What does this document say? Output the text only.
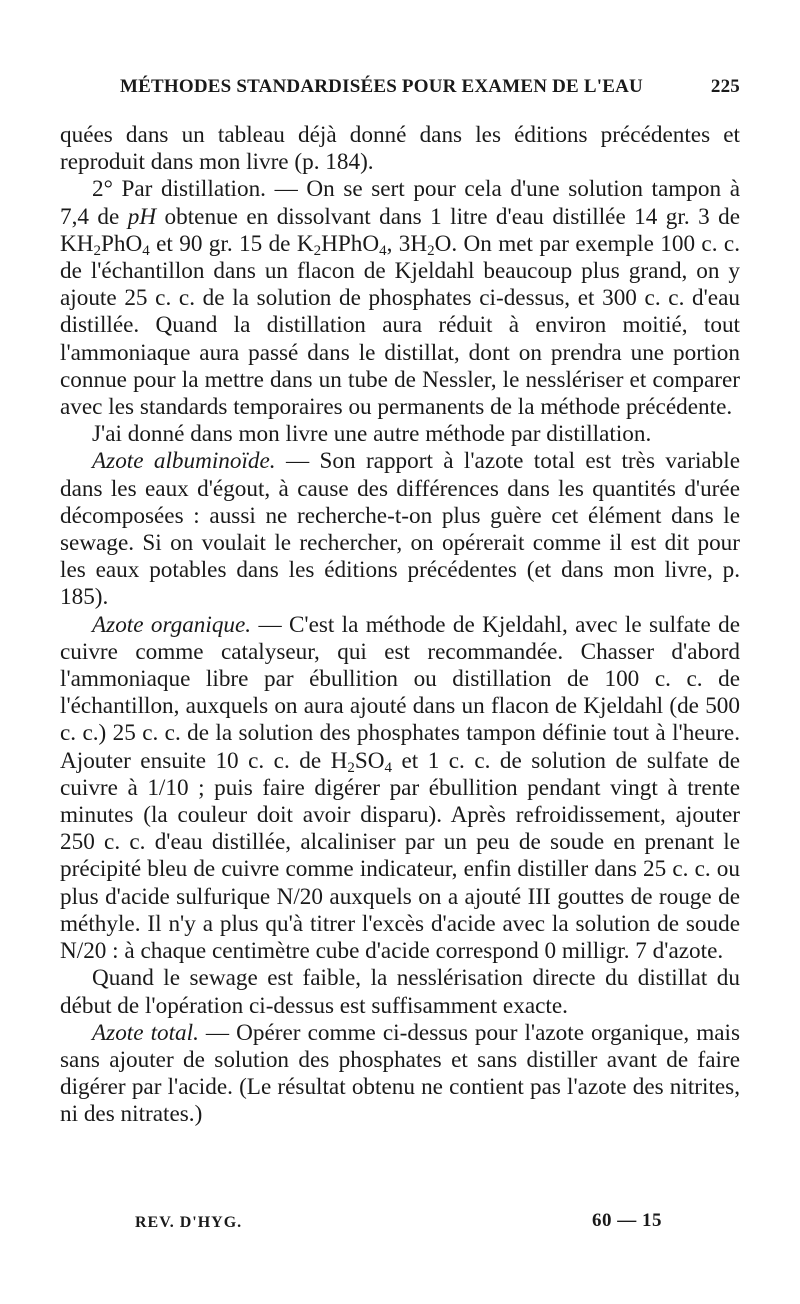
MÉTHODES STANDARDISÉES POUR EXAMEN DE L'EAU	225

quées dans un tableau déjà donné dans les éditions précédentes et reproduit dans mon livre (p. 184).

2° Par distillation. — On se sert pour cela d'une solution tampon à 7,4 de pH obtenue en dissolvant dans 1 litre d'eau distillée 14 gr. 3 de $KH_2PhO_4$ et 90 gr. 15 de $K_2HPhO_4$, $3H_2O$. On met par exemple 100 c. c. de l'échantillon dans un flacon de Kjeldahl beaucoup plus grand, on y ajoute 25 c. c. de la solution de phosphates ci-dessus, et 300 c. c. d'eau distillée. Quand la distillation aura réduit à environ moitié, tout l'ammoniaque aura passé dans le distillat, dont on prendra une portion connue pour la mettre dans un tube de Nessler, le nesslériser et comparer avec les standards temporaires ou permanents de la méthode précédente.

J'ai donné dans mon livre une autre méthode par distillation.

Azote albuminoïde. — Son rapport à l'azote total est très variable dans les eaux d'égout, à cause des différences dans les quantités d'urée décomposées : aussi ne recherche-t-on plus guère cet élément dans le sewage. Si on voulait le rechercher, on opérerait comme il est dit pour les eaux potables dans les éditions précédentes (et dans mon livre, p. 185).

Azote organique. — C'est la méthode de Kjeldahl, avec le sulfate de cuivre comme catalyseur, qui est recommandée. Chasser d'abord l'ammoniaque libre par ébullition ou distillation de 100 c. c. de l'échantillon, auxquels on aura ajouté dans un flacon de Kjeldahl (de 500 c. c.) 25 c. c. de la solution des phosphates tampon définie tout à l'heure. Ajouter ensuite 10 c. c. de $H_2SO_4$ et 1 c. c. de solution de sulfate de cuivre à 1/10 ; puis faire digérer par ébullition pendant vingt à trente minutes (la couleur doit avoir disparu). Après refroidissement, ajouter 250 c. c. d'eau distillée, alcaliniser par un peu de soude en prenant le précipité bleu de cuivre comme indicateur, enfin distiller dans 25 c. c. ou plus d'acide sulfurique N/20 auxquels on a ajouté III gouttes de rouge de méthyle. Il n'y a plus qu'à titrer l'excès d'acide avec la solution de soude N/20 : à chaque centimètre cube d'acide correspond 0 milligr. 7 d'azote.

Quand le sewage est faible, la nesslérisation directe du distillat du début de l'opération ci-dessus est suffisamment exacte.

Azote total. — Opérer comme ci-dessus pour l'azote organique, mais sans ajouter de solution des phosphates et sans distiller avant de faire digérer par l'acide. (Le résultat obtenu ne contient pas l'azote des nitrites, ni des nitrates.)

REV. D'HYG.	60 — 15
